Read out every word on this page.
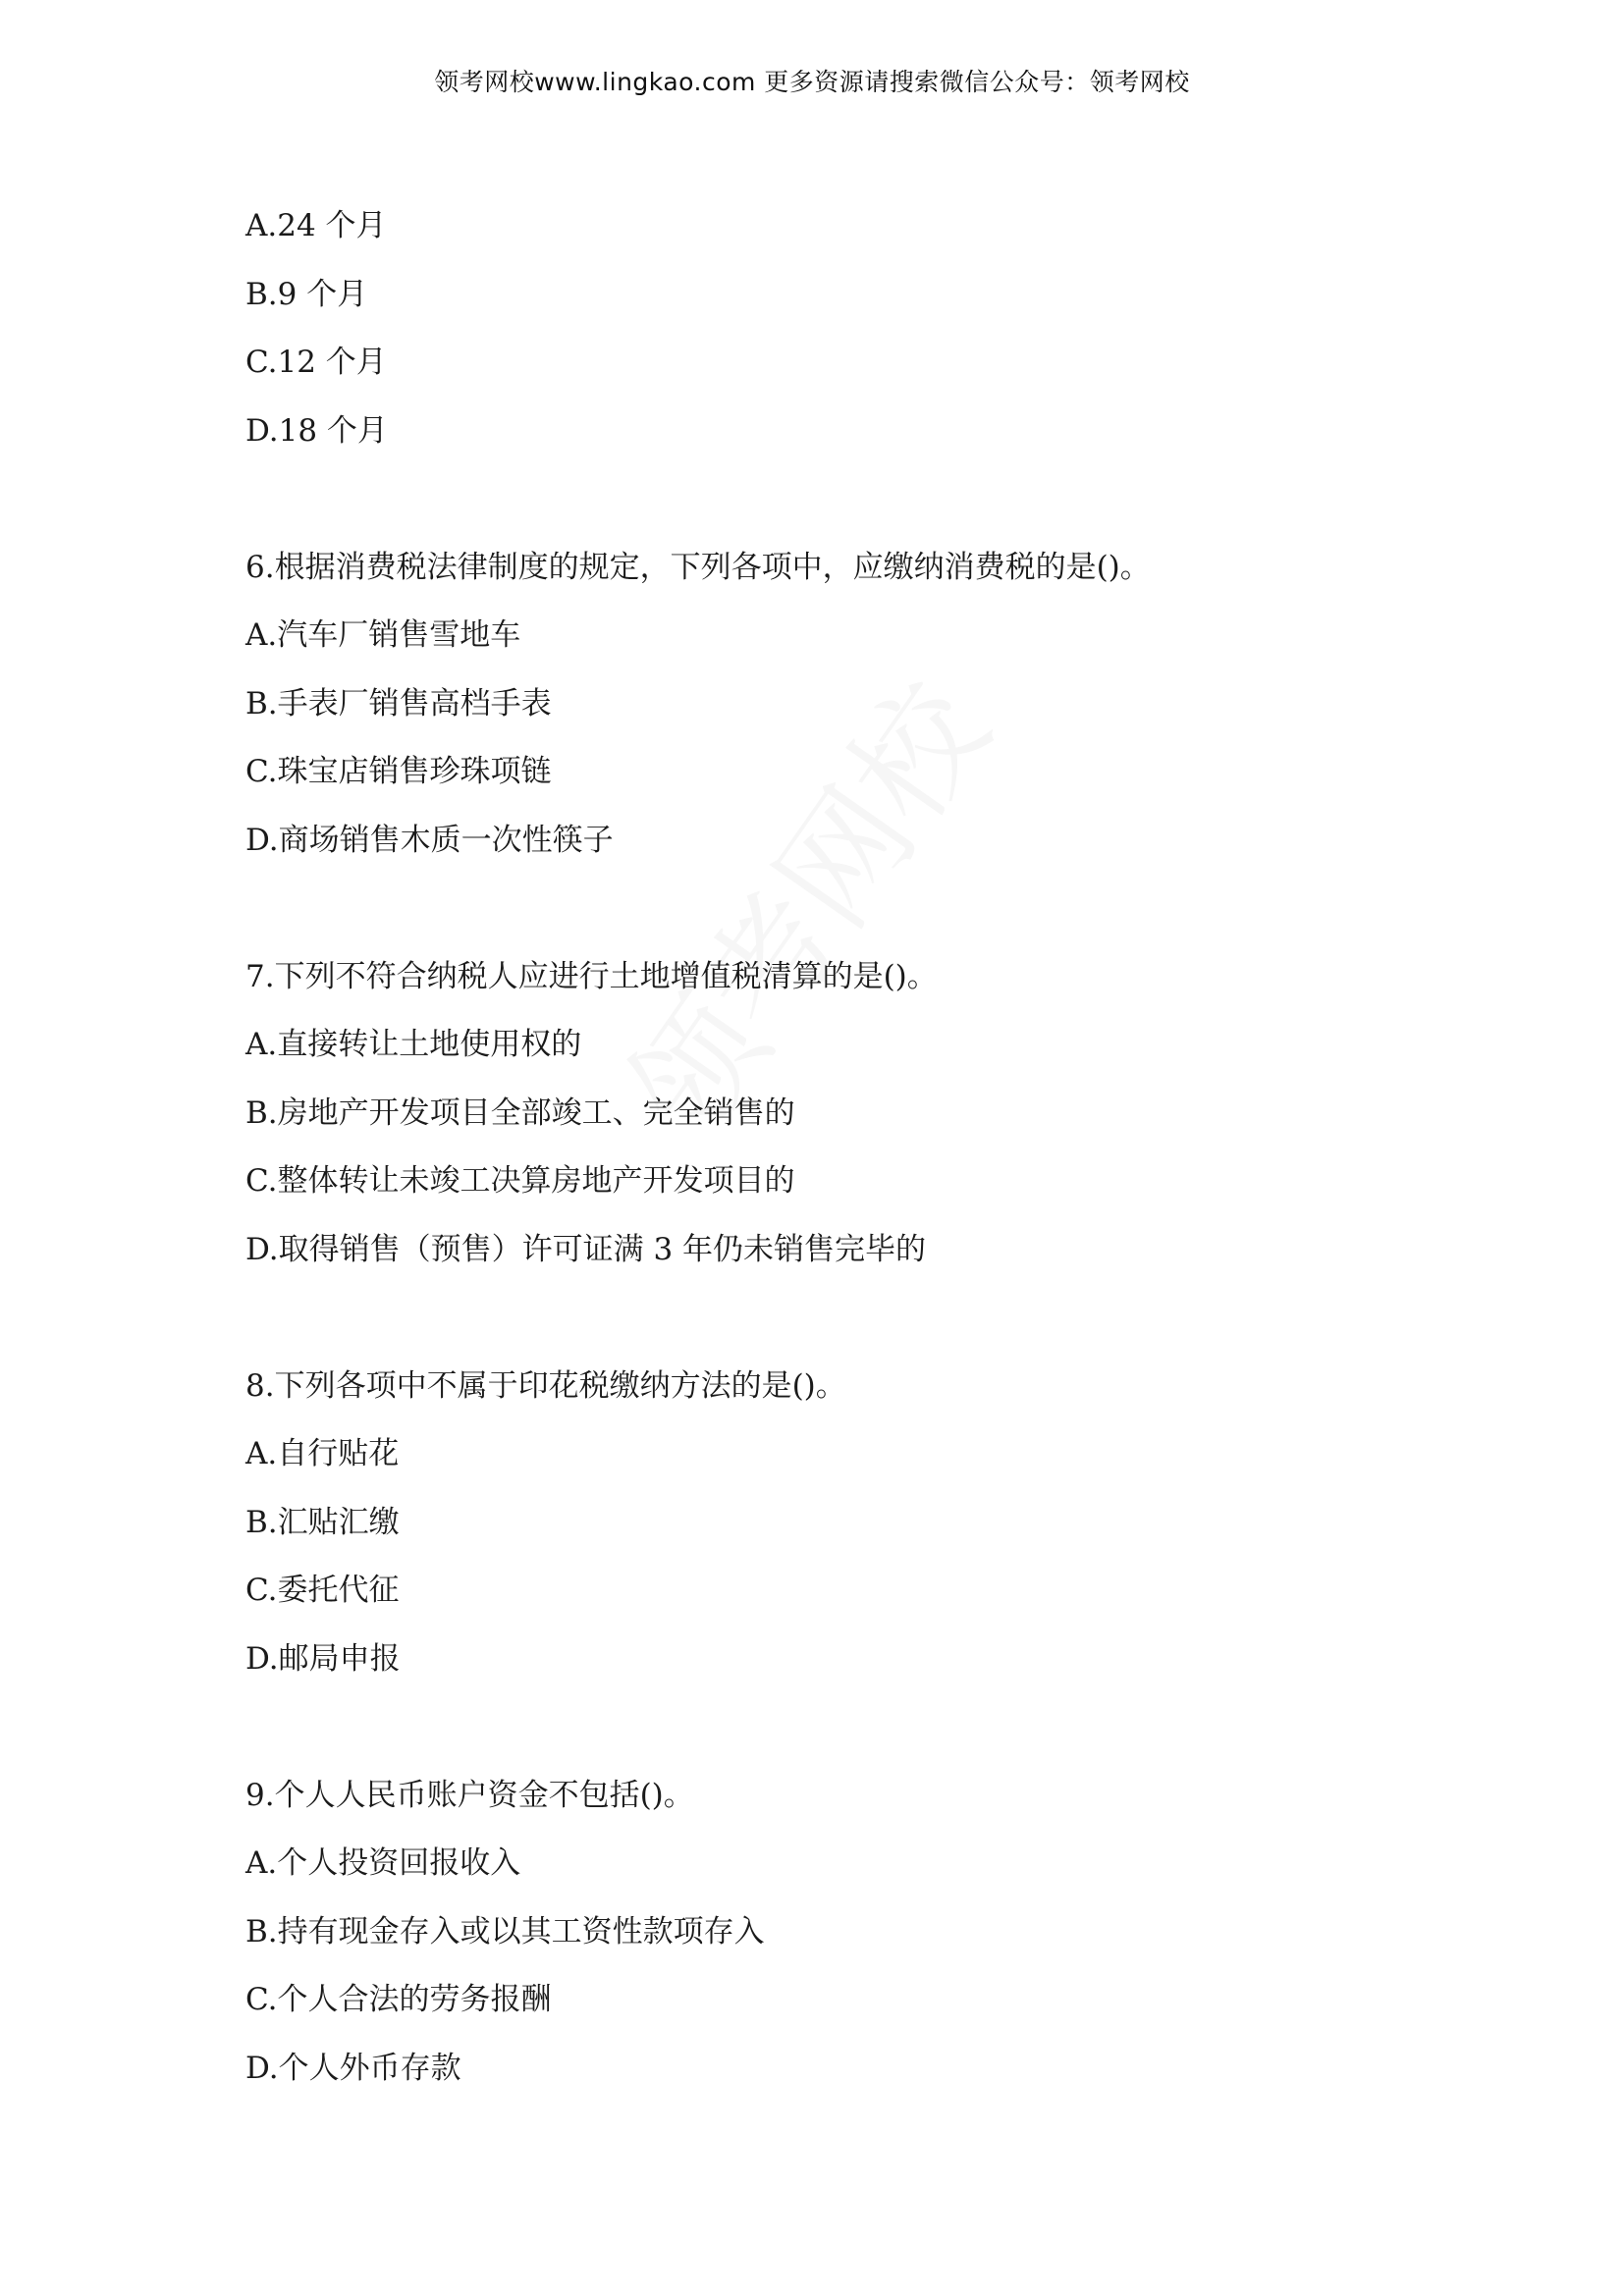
领考网校www.lingkao.com 更多资源请搜索微信公众号：领考网校
A.24 个月
B.9 个月
C.12 个月
D.18 个月
6.根据消费税法律制度的规定，下列各项中，应缴纳消费税的是()。
A.汽车厂销售雪地车
B.手表厂销售高档手表
C.珠宝店销售珍珠项链
D.商场销售木质一次性筷子
7.下列不符合纳税人应进行土地增值税清算的是()。
A.直接转让土地使用权的
B.房地产开发项目全部竣工、完全销售的
C.整体转让未竣工决算房地产开发项目的
D.取得销售（预售）许可证满 3 年仍未销售完毕的
8.下列各项中不属于印花税缴纳方法的是()。
A.自行贴花
B.汇贴汇缴
C.委托代征
D.邮局申报
9.个人人民币账户资金不包括()。
A.个人投资回报收入
B.持有现金存入或以其工资性款项存入
C.个人合法的劳务报酬
D.个人外币存款
